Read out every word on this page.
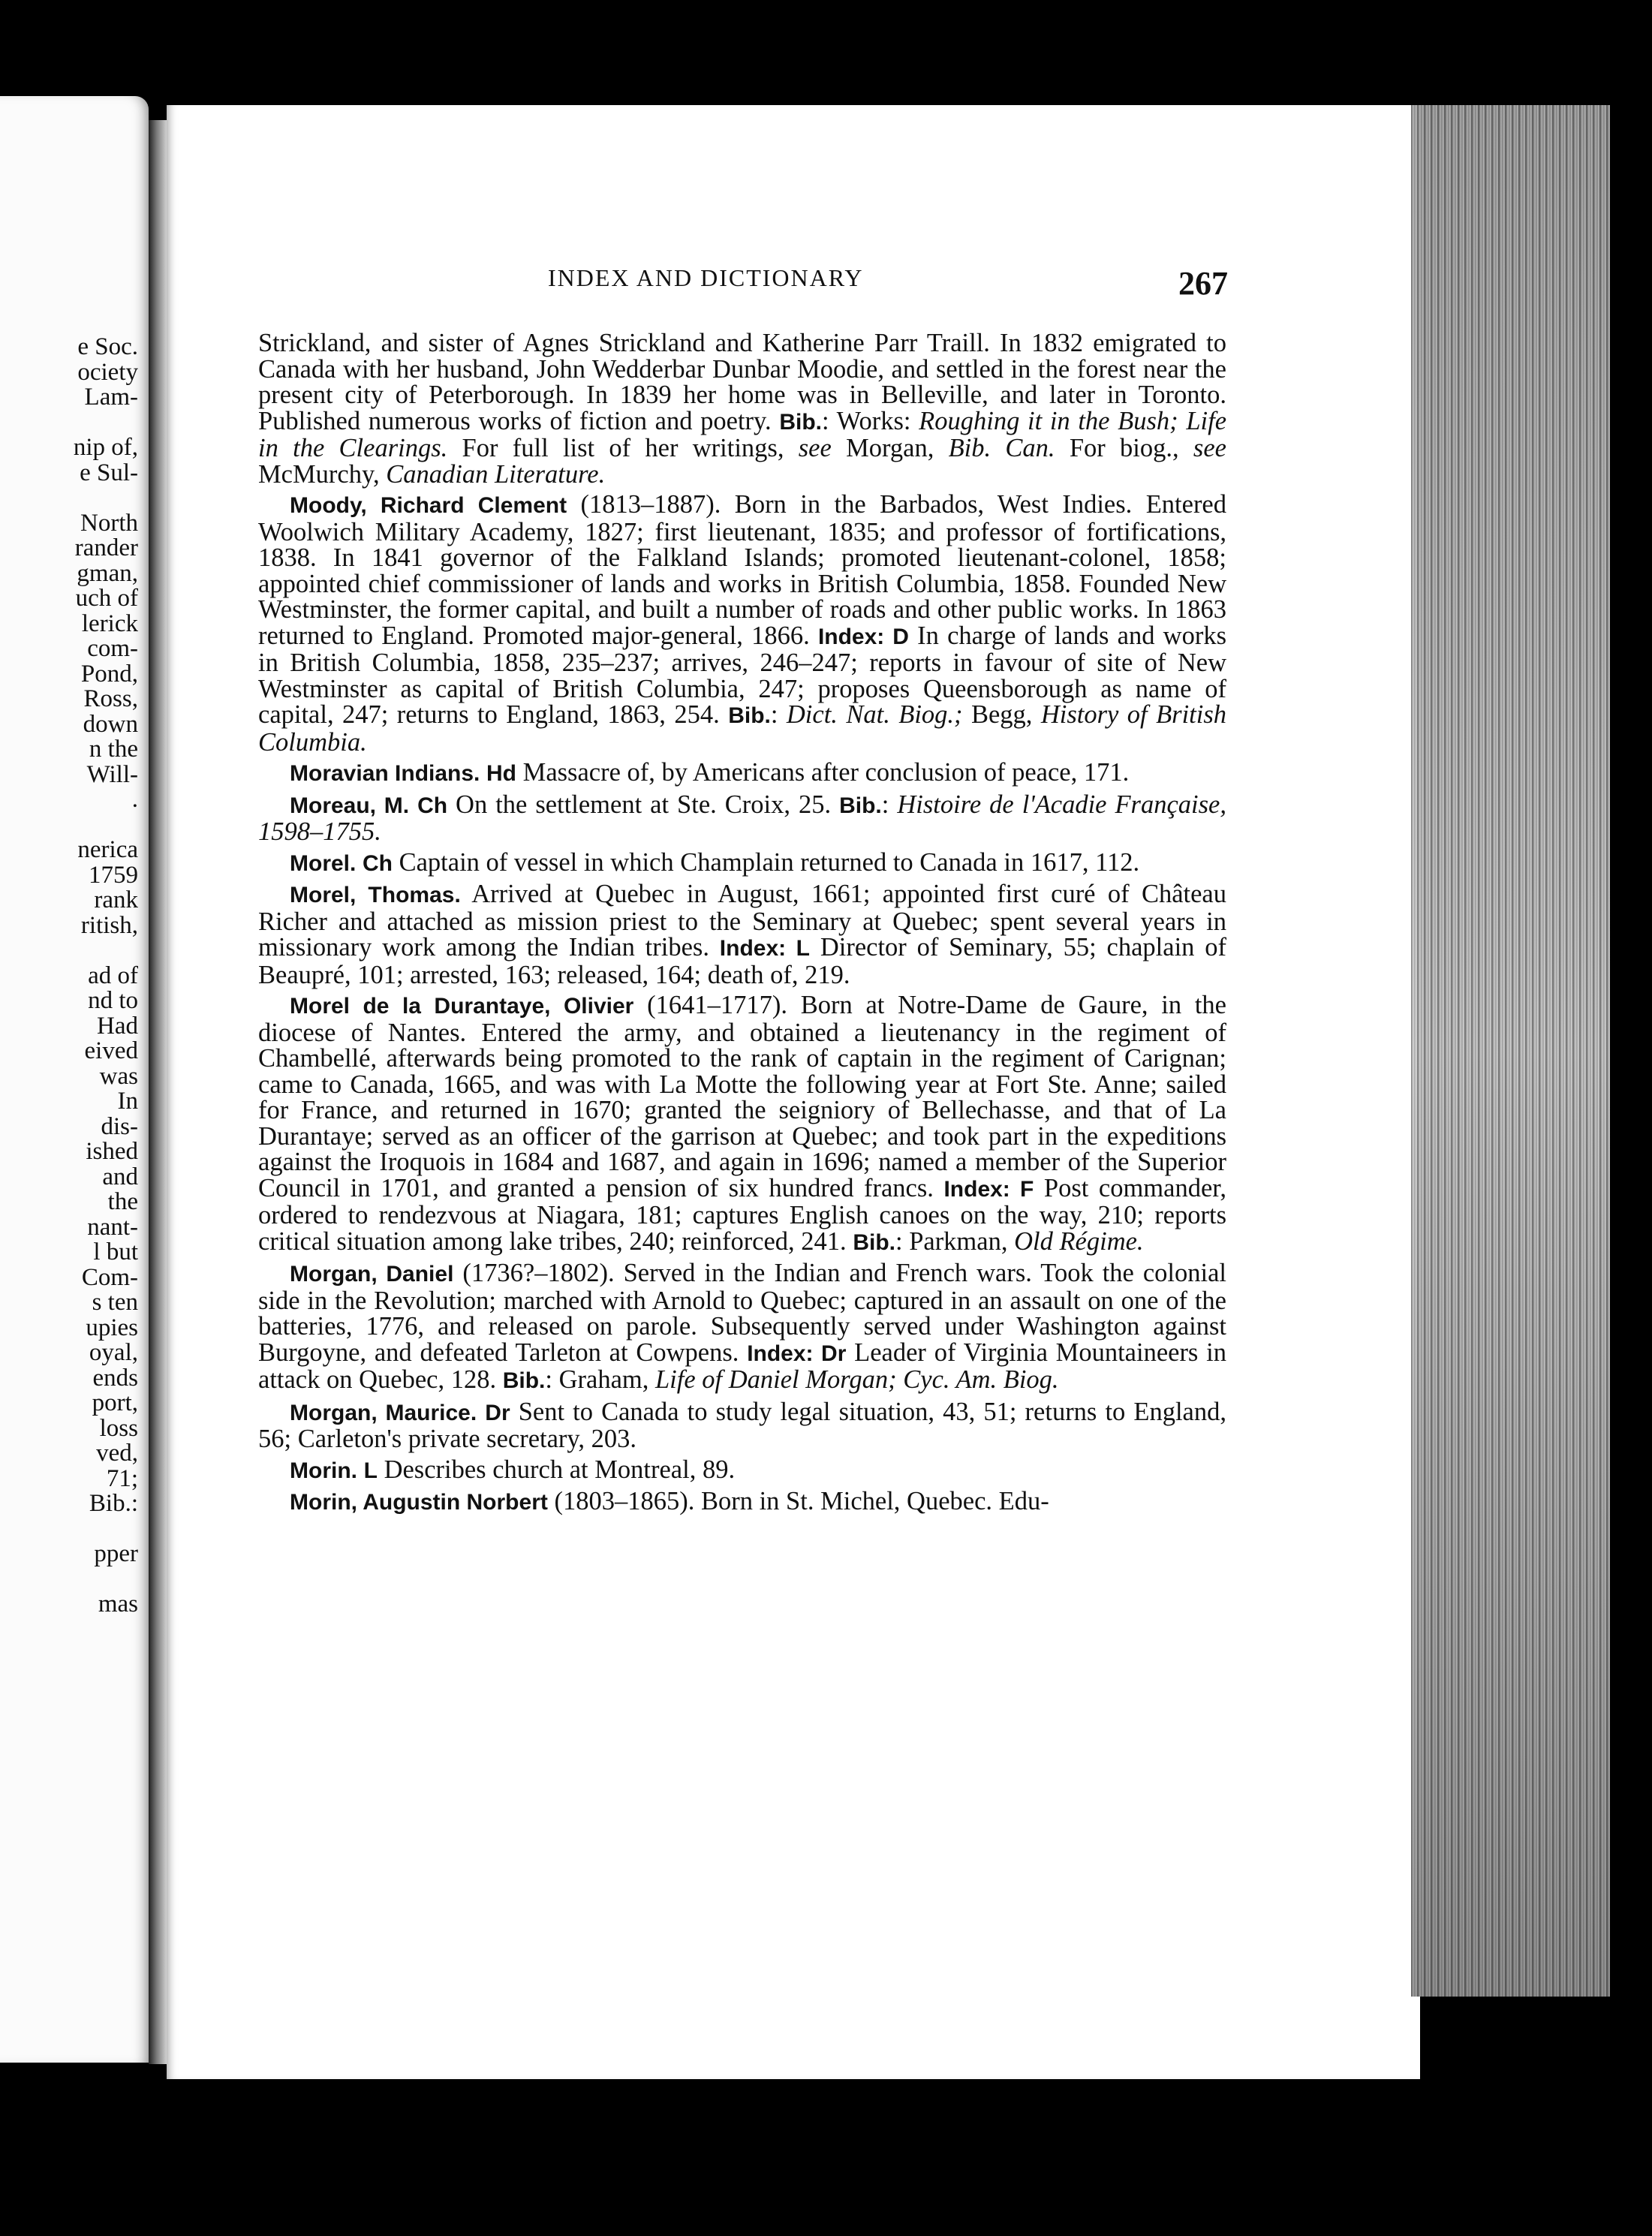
e Soc.
ociety
Lam-
nip of,
e Sul-
North
rander
gman,
uch of
lerick
com-
Pond,
Ross,
down
n the
Will-
.
nerica
1759
rank
ritish,
ad of
nd to
Had
eived
was
In
dis-
ished
and
the
nant-
l but
Com-
s ten
upies
oyal,
ends
port,
loss
ved,
71;
Bib.:
pper
mas
INDEX AND DICTIONARY	267
Strickland, and sister of Agnes Strickland and Katherine Parr Traill. In 1832 emigrated to Canada with her husband, John Wedderbar Dunbar Moodie, and settled in the forest near the present city of Peterborough. In 1839 her home was in Belleville, and later in Toronto. Published numerous works of fiction and poetry. Bib.: Works: Roughing it in the Bush; Life in the Clearings. For full list of her writings, see Morgan, Bib. Can. For biog., see McMurchy, Canadian Literature.
Moody, Richard Clement (1813–1887). Born in the Barbados, West Indies. Entered Woolwich Military Academy, 1827; first lieutenant, 1835; and professor of fortifications, 1838. In 1841 governor of the Falkland Islands; promoted lieutenant-colonel, 1858; appointed chief commissioner of lands and works in British Columbia, 1858. Founded New Westminster, the former capital, and built a number of roads and other public works. In 1863 returned to England. Promoted major-general, 1866. Index: D In charge of lands and works in British Columbia, 1858, 235–237; arrives, 246–247; reports in favour of site of New Westminster as capital of British Columbia, 247; proposes Queensborough as name of capital, 247; returns to England, 1863, 254. Bib.: Dict. Nat. Biog.; Begg, History of British Columbia.
Moravian Indians. Hd Massacre of, by Americans after conclusion of peace, 171.
Moreau, M. Ch On the settlement at Ste. Croix, 25. Bib.: Histoire de l'Acadie Française, 1598–1755.
Morel. Ch Captain of vessel in which Champlain returned to Canada in 1617, 112.
Morel, Thomas. Arrived at Quebec in August, 1661; appointed first curé of Château Richer and attached as mission priest to the Seminary at Quebec; spent several years in missionary work among the Indian tribes. Index: L Director of Seminary, 55; chaplain of Beaupré, 101; arrested, 163; released, 164; death of, 219.
Morel de la Durantaye, Olivier (1641–1717). Born at Notre-Dame de Gaure, in the diocese of Nantes. Entered the army, and obtained a lieutenancy in the regiment of Chambellé, afterwards being promoted to the rank of captain in the regiment of Carignan; came to Canada, 1665, and was with La Motte the following year at Fort Ste. Anne; sailed for France, and returned in 1670; granted the seigniory of Bellechasse, and that of La Durantaye; served as an officer of the garrison at Quebec; and took part in the expeditions against the Iroquois in 1684 and 1687, and again in 1696; named a member of the Superior Council in 1701, and granted a pension of six hundred francs. Index: F Post commander, ordered to rendezvous at Niagara, 181; captures English canoes on the way, 210; reports critical situation among lake tribes, 240; reinforced, 241. Bib.: Parkman, Old Régime.
Morgan, Daniel (1736?–1802). Served in the Indian and French wars. Took the colonial side in the Revolution; marched with Arnold to Quebec; captured in an assault on one of the batteries, 1776, and released on parole. Subsequently served under Washington against Burgoyne, and defeated Tarleton at Cowpens. Index: Dr Leader of Virginia Mountaineers in attack on Quebec, 128. Bib.: Graham, Life of Daniel Morgan; Cyc. Am. Biog.
Morgan, Maurice. Dr Sent to Canada to study legal situation, 43, 51; returns to England, 56; Carleton's private secretary, 203.
Morin. L Describes church at Montreal, 89.
Morin, Augustin Norbert (1803–1865). Born in St. Michel, Quebec. Edu-
